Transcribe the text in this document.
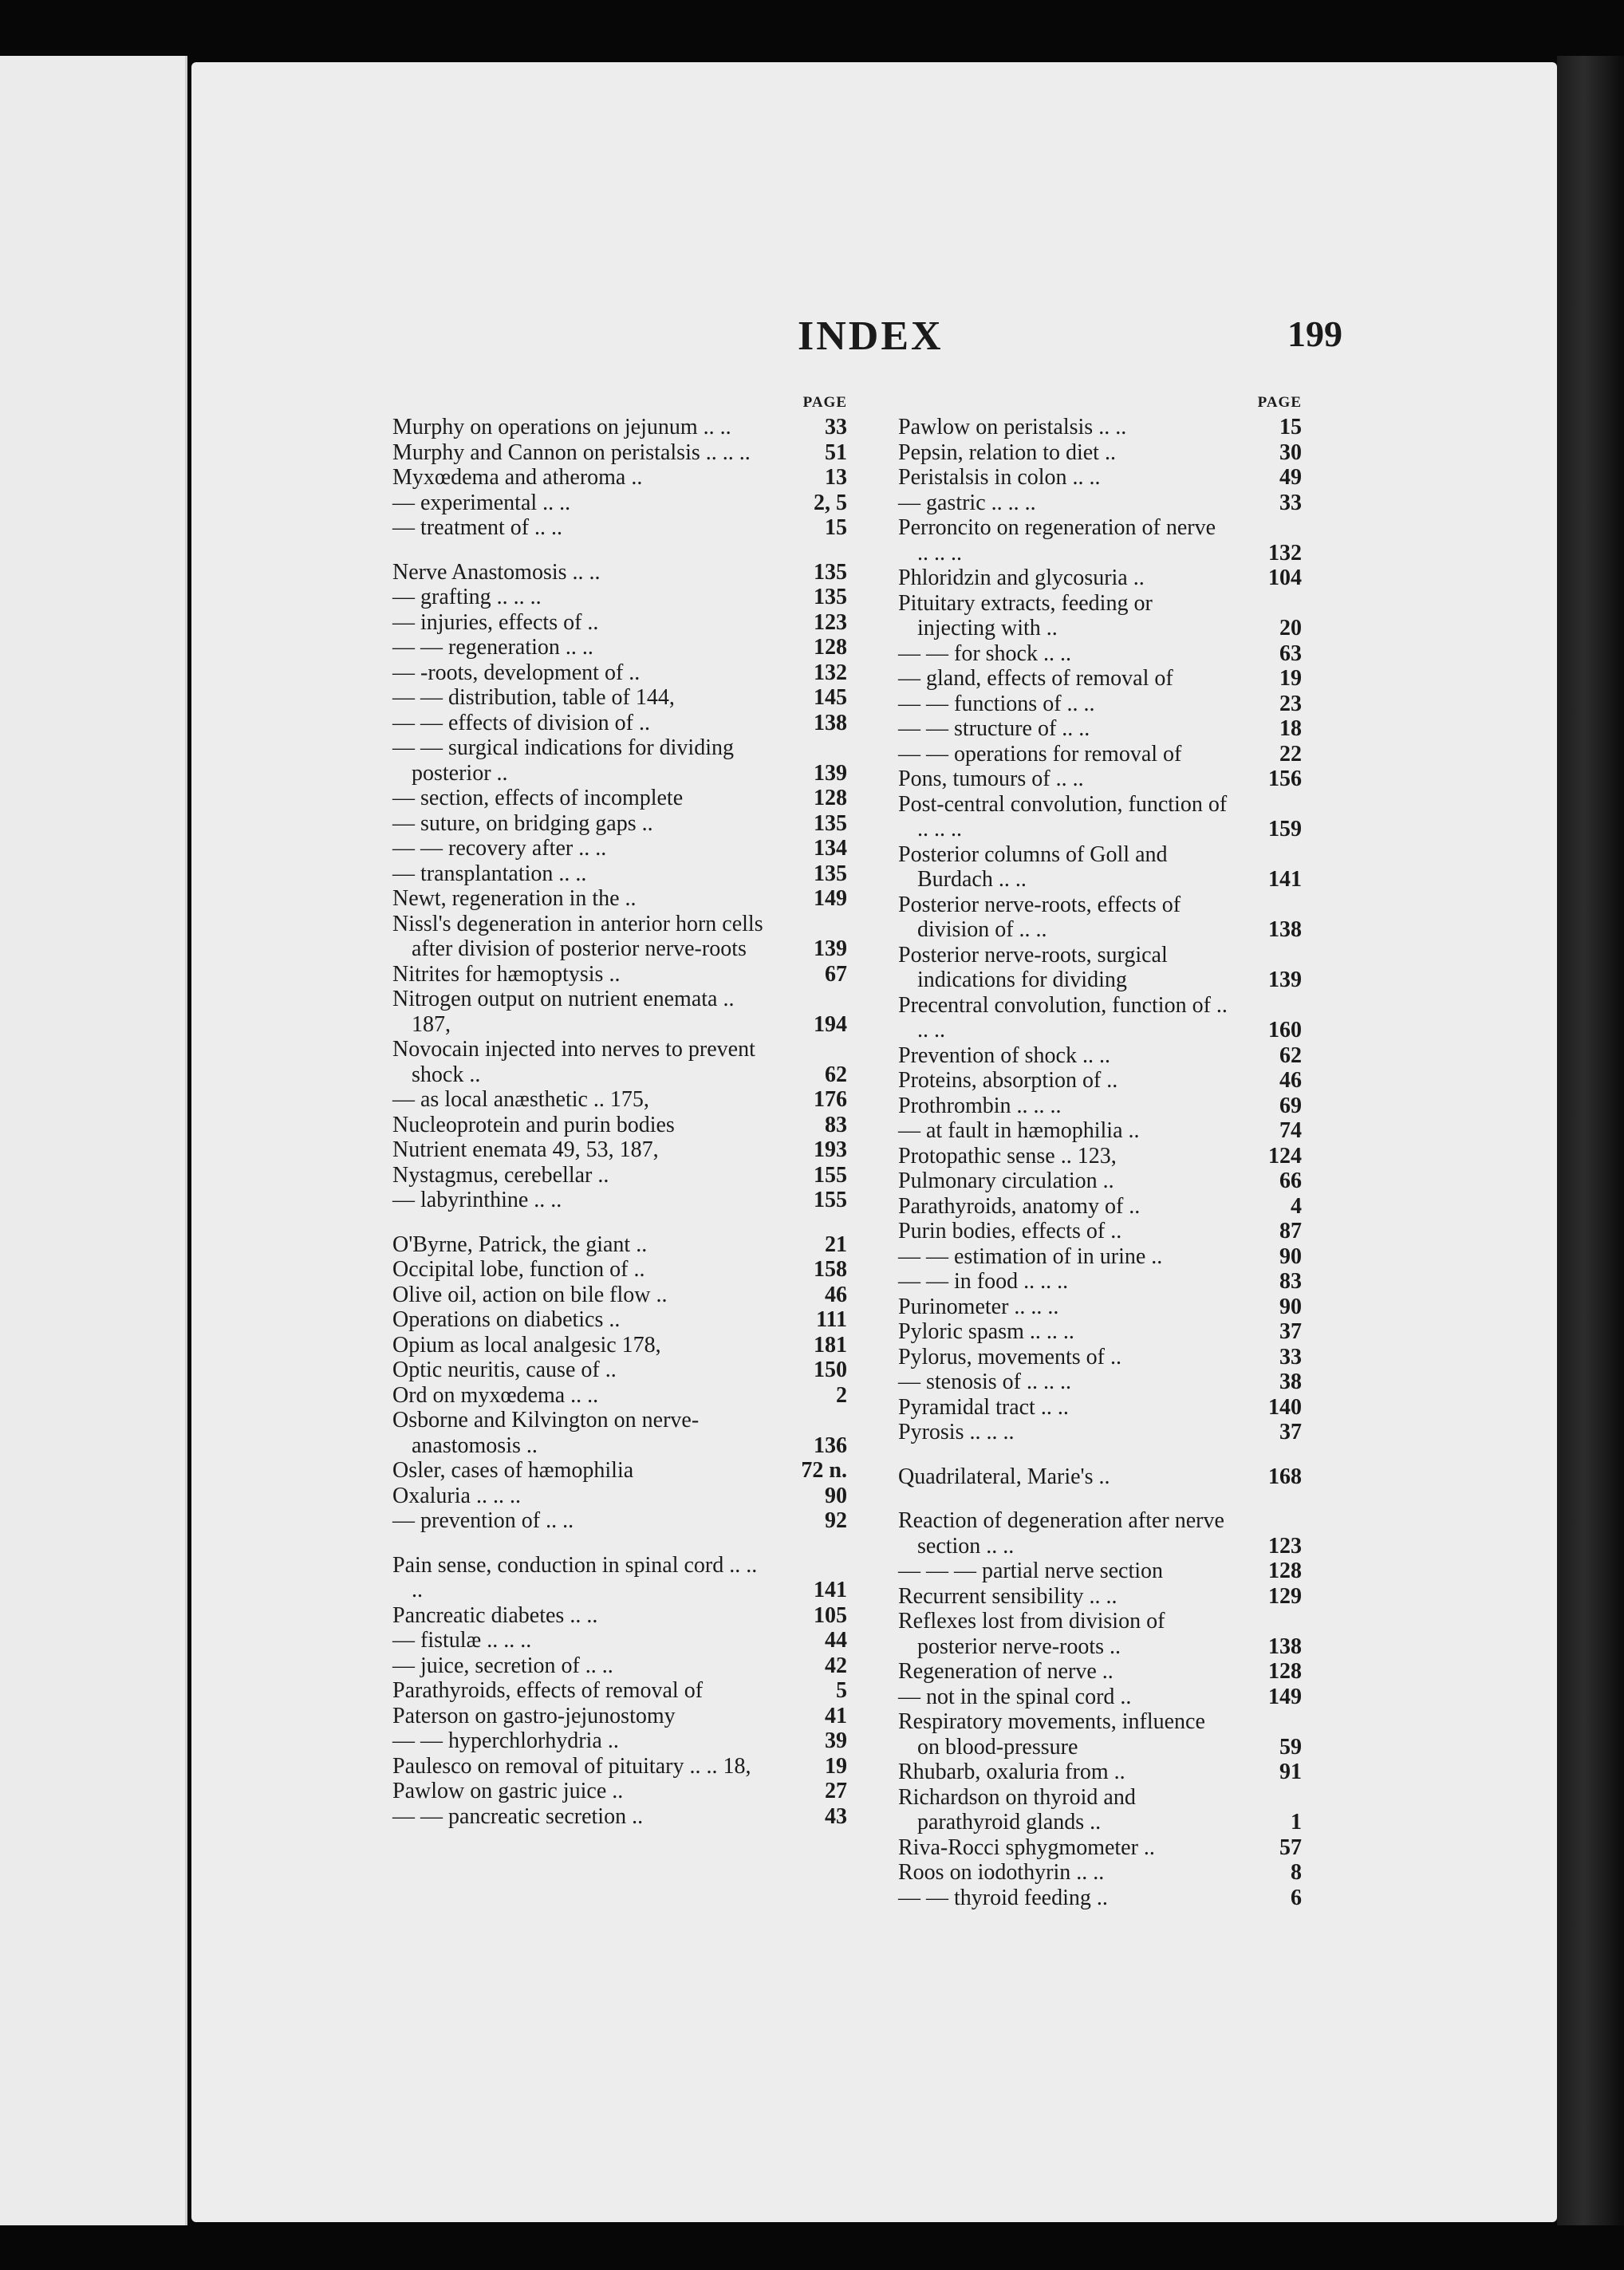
INDEX	199
PAGE
Murphy on operations on jejunum .. ..	33
Murphy and Cannon on peristalsis .. .. ..	51
Myxœdema and atheroma ..	13
— experimental .. ..	2, 5
— treatment of .. ..	15
Nerve Anastomosis .. ..	135
— grafting .. .. ..	135
— injuries, effects of ..	123
— — regeneration .. ..	128
— -roots, development of ..	132
— — distribution, table of 144,	145
— — effects of division of ..	138
— — surgical indications for dividing posterior ..	139
— section, effects of incomplete	128
— suture, on bridging gaps ..	135
— — recovery after .. ..	134
— transplantation .. ..	135
Newt, regeneration in the ..	149
Nissl's degeneration in anterior horn cells after division of posterior nerve-roots	139
Nitrites for hæmoptysis ..	67
Nitrogen output on nutrient enemata .. 187,	194
Novocain injected into nerves to prevent shock ..	62
— as local anæsthetic .. 175,	176
Nucleoprotein and purin bodies	83
Nutrient enemata 49, 53, 187,	193
Nystagmus, cerebellar ..	155
— labyrinthine .. ..	155
O'Byrne, Patrick, the giant ..	21
Occipital lobe, function of ..	158
Olive oil, action on bile flow ..	46
Operations on diabetics ..	111
Opium as local analgesic 178,	181
Optic neuritis, cause of ..	150
Ord on myxœdema .. ..	2
Osborne and Kilvington on nerve-anastomosis ..	136
Osler, cases of hæmophilia	72 n.
Oxaluria .. .. ..	90
— prevention of .. ..	92
Pain sense, conduction in spinal cord .. .. ..	141
Pancreatic diabetes .. ..	105
— fistulæ .. .. ..	44
— juice, secretion of .. ..	42
Parathyroids, effects of removal of	5
Paterson on gastro-jejunostomy	41
— — hyperchlorhydria ..	39
Paulesco on removal of pituitary .. .. 18,	19
Pawlow on gastric juice ..	27
— — pancreatic secretion ..	43
PAGE
Pawlow on peristalsis .. ..	15
Pepsin, relation to diet ..	30
Peristalsis in colon .. ..	49
— gastric .. .. ..	33
Perroncito on regeneration of nerve .. .. ..	132
Phloridzin and glycosuria ..	104
Pituitary extracts, feeding or injecting with ..	20
— — for shock .. ..	63
— gland, effects of removal of	19
— — functions of .. ..	23
— — structure of .. ..	18
— — operations for removal of	22
Pons, tumours of .. ..	156
Post-central convolution, function of .. .. ..	159
Posterior columns of Goll and Burdach .. ..	141
Posterior nerve-roots, effects of division of .. ..	138
Posterior nerve-roots, surgical indications for dividing	139
Precentral convolution, function of .. .. ..	160
Prevention of shock .. ..	62
Proteins, absorption of ..	46
Prothrombin .. .. ..	69
— at fault in hæmophilia ..	74
Protopathic sense .. 123,	124
Pulmonary circulation ..	66
Parathyroids, anatomy of ..	4
Purin bodies, effects of ..	87
— — estimation of in urine ..	90
— — in food .. .. ..	83
Purinometer .. .. ..	90
Pyloric spasm .. .. ..	37
Pylorus, movements of ..	33
— stenosis of .. .. ..	38
Pyramidal tract .. ..	140
Pyrosis .. .. ..	37
Quadrilateral, Marie's ..	168
Reaction of degeneration after nerve section .. ..	123
— — — partial nerve section	128
Recurrent sensibility .. ..	129
Reflexes lost from division of posterior nerve-roots ..	138
Regeneration of nerve ..	128
— not in the spinal cord ..	149
Respiratory movements, influence on blood-pressure	59
Rhubarb, oxaluria from ..	91
Richardson on thyroid and parathyroid glands ..	1
Riva-Rocci sphygmometer ..	57
Roos on iodothyrin .. ..	8
— — thyroid feeding ..	6
